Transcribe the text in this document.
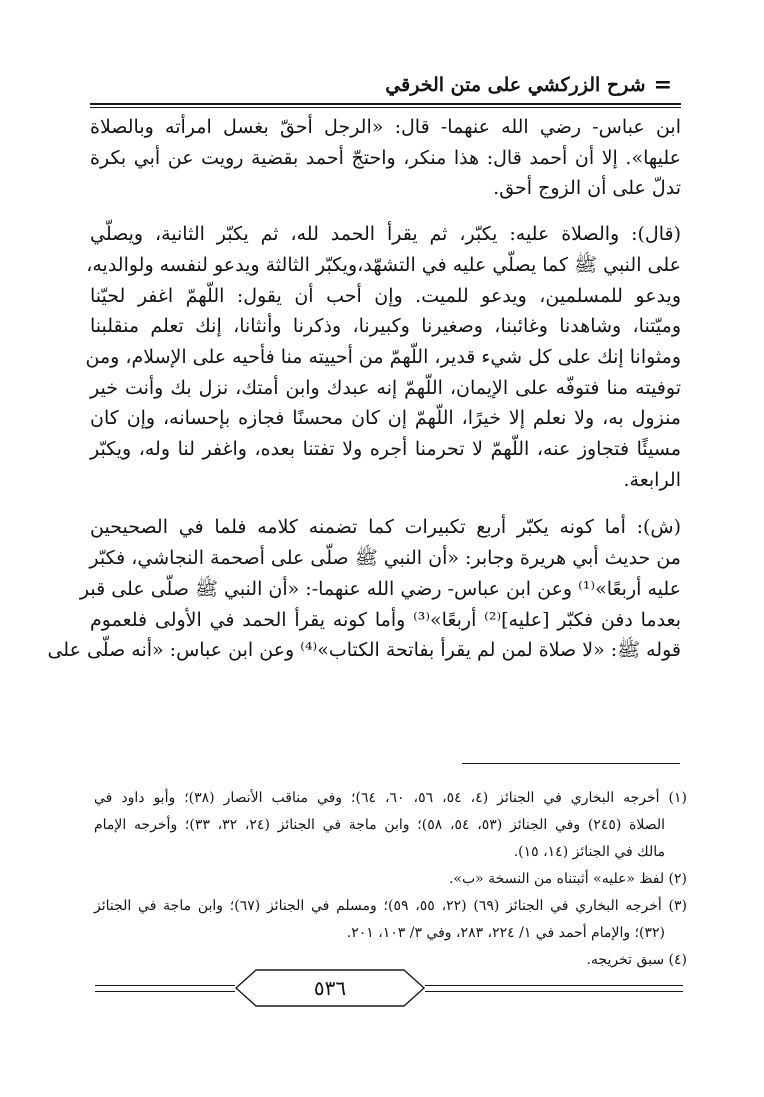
=
شرح الزركشي على متن الخرقي

ابن عباس- رضي الله عنهما- قال: «الرجل أحقّ بغسل امرأته وبالصلاة
عليها». إلا أن أحمد قال: هذا منكر، واحتجّ أحمد بقضية رويت عن أبي بكرة
تدلّ على أن الزوج أحق.

(قال): والصلاة عليه: يكبّر، ثم يقرأ الحمد لله، ثم يكبّر الثانية، ويصلّي
على النبي ﷺ كما يصلّي عليه في التشهّد،ويكبّر الثالثة ويدعو لنفسه ولوالديه،
ويدعو للمسلمين، ويدعو للميت. وإن أحب أن يقول: اللّهمّ اغفر لحيّنا
وميّتنا، وشاهدنا وغائبنا، وصغيرنا وكبيرنا، وذكرنا وأنثانا، إنك تعلم منقلبنا
ومثوانا إنك على كل شيء قدير، اللّهمّ من أحييته منا فأحيه على الإسلام، ومن
توفيته منا فتوفّه على الإيمان، اللّهمّ إنه عبدك وابن أمتك، نزل بك وأنت خير
منزول به، ولا نعلم إلا خيرًا، اللّهمّ إن كان محسنًا فجازه بإحسانه، وإن كان
مسيئًا فتجاوز عنه، اللّهمّ لا تحرمنا أجره ولا تفتنا بعده، واغفر لنا وله، ويكبّر
الرابعة.

(ش): أما كونه يكبّر أربع تكبيرات كما تضمنه كلامه فلما في الصحيحين
من حديث أبي هريرة وجابر: «أن النبي ﷺ صلّى على أصحمة النجاشي، فكبّر
عليه أربعًا»⁽¹⁾ وعن ابن عباس- رضي الله عنهما-: «أن النبي ﷺ صلّى على قبر
بعدما دفن فكبّر [عليه]⁽²⁾ أربعًا»⁽³⁾ وأما كونه يقرأ الحمد في الأولى فلعموم
قوله ﷺ: «لا صلاة لمن لم يقرأ بفاتحة الكتاب»⁽⁴⁾ وعن ابن عباس: «أنه صلّى على

(١) أخرجه البخاري في الجنائز (٤، ٥٤، ٥٦، ٦٠، ٦٤)؛ وفي مناقب الأنصار (٣٨)؛ وأبو داود في
الصلاة (٢٤٥) وفي الجنائز (٥٣، ٥٤، ٥٨)؛ وابن ماجة في الجنائز (٢٤، ٣٢، ٣٣)؛ وأخرجه الإمام
مالك في الجنائز (١٤، ١٥).
(٢) لفظ «عليه» أثبتناه من النسخة «ب».
(٣) أخرجه البخاري في الجنائز (٦٩) (٢٢، ٥٥، ٥٩)؛ ومسلم في الجنائز (٦٧)؛ وابن ماجة في الجنائز
(٣٢)؛ والإمام أحمد في ١/ ٢٢٤، ٢٨٣، وفي ٣/ ١٠٣، ٢٠١.
(٤) سبق تخريجه.
٥٣٦
